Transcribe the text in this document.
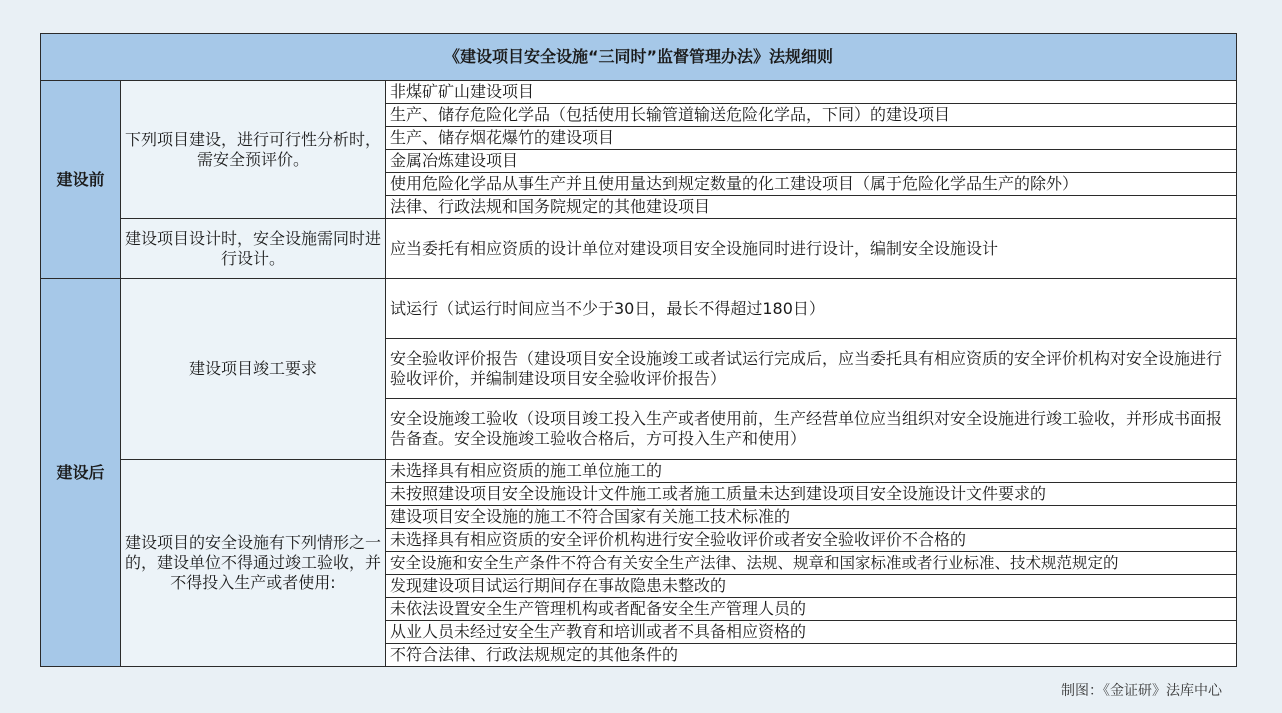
《建设项目安全设施“三同时”监督管理办法》法规细则		
建设前	下列项目建设，进行可行性分析时，需安全预评价。	非煤矿矿山建设项目
		生产、储存危险化学品（包括使用长输管道输送危险化学品，下同）的建设项目
		生产、储存烟花爆竹的建设项目
		金属冶炼建设项目
		使用危险化学品从事生产并且使用量达到规定数量的化工建设项目（属于危险化学品生产的除外）
		法律、行政法规和国务院规定的其他建设项目
	建设项目设计时，安全设施需同时进行设计。	应当委托有相应资质的设计单位对建设项目安全设施同时进行设计，编制安全设施设计
建设后	建设项目竣工要求	试运行（试运行时间应当不少于30日，最长不得超过180日）
		安全验收评价报告（建设项目安全设施竣工或者试运行完成后，应当委托具有相应资质的安全评价机构对安全设施进行验收评价，并编制建设项目安全验收评价报告）
		安全设施竣工验收（设项目竣工投入生产或者使用前，生产经营单位应当组织对安全设施进行竣工验收，并形成书面报告备查。安全设施竣工验收合格后，方可投入生产和使用）
	建设项目的安全设施有下列情形之一的，建设单位不得通过竣工验收，并不得投入生产或者使用:	未选择具有相应资质的施工单位施工的
		未按照建设项目安全设施设计文件施工或者施工质量未达到建设项目安全设施设计文件要求的
		建设项目安全设施的施工不符合国家有关施工技术标准的
		未选择具有相应资质的安全评价机构进行安全验收评价或者安全验收评价不合格的
		安全设施和安全生产条件不符合有关安全生产法律、法规、规章和国家标准或者行业标准、技术规范规定的
		发现建设项目试运行期间存在事故隐患未整改的
		未依法设置安全生产管理机构或者配备安全生产管理人员的
		从业人员未经过安全生产教育和培训或者不具备相应资格的
		不符合法律、行政法规规定的其他条件的
制图：《金证研》法库中心
